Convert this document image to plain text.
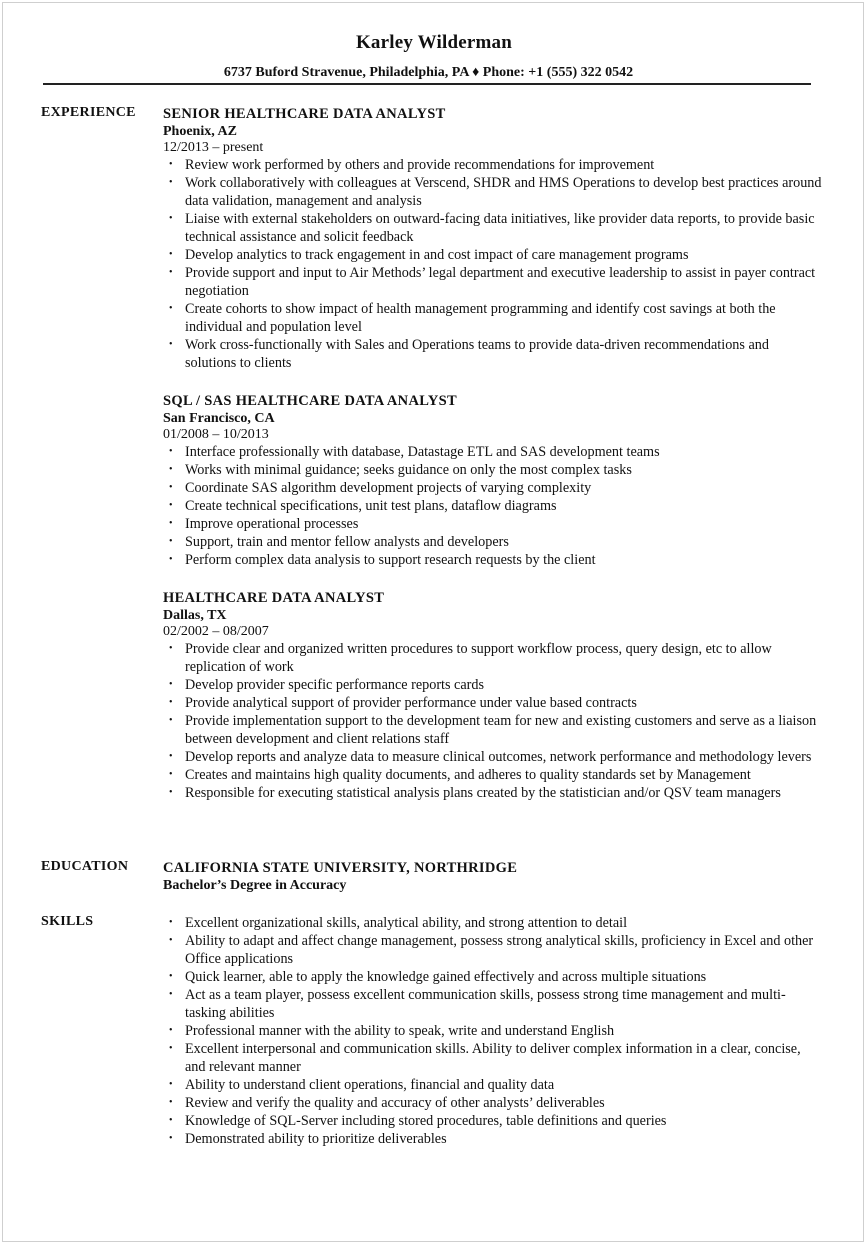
Karley Wilderman
6737 Buford Stravenue, Philadelphia, PA ♦ Phone: +1 (555) 322 0542
EXPERIENCE SENIOR HEALTHCARE DATA ANALYST
Phoenix, AZ
12/2013 – present
• Review work performed by others and provide recommendations for improvement
• Work collaboratively with colleagues at Verscend, SHDR and HMS Operations to develop best practices around data validation, management and analysis
• Liaise with external stakeholders on outward-facing data initiatives, like provider data reports, to provide basic technical assistance and solicit feedback
• Develop analytics to track engagement in and cost impact of care management programs
• Provide support and input to Air Methods’ legal department and executive leadership to assist in payer contract negotiation
• Create cohorts to show impact of health management programming and identify cost savings at both the individual and population level
• Work cross-functionally with Sales and Operations teams to provide data-driven recommendations and solutions to clients
SQL / SAS HEALTHCARE DATA ANALYST
San Francisco, CA
01/2008 – 10/2013
• Interface professionally with database, Datastage ETL and SAS development teams
• Works with minimal guidance; seeks guidance on only the most complex tasks
• Coordinate SAS algorithm development projects of varying complexity
• Create technical specifications, unit test plans, dataflow diagrams
• Improve operational processes
• Support, train and mentor fellow analysts and developers
• Perform complex data analysis to support research requests by the client
HEALTHCARE DATA ANALYST
Dallas, TX
02/2002 – 08/2007
• Provide clear and organized written procedures to support workflow process, query design, etc to allow replication of work
• Develop provider specific performance reports cards
• Provide analytical support of provider performance under value based contracts
• Provide implementation support to the development team for new and existing customers and serve as a liaison between development and client relations staff
• Develop reports and analyze data to measure clinical outcomes, network performance and methodology levers
• Creates and maintains high quality documents, and adheres to quality standards set by Management
• Responsible for executing statistical analysis plans created by the statistician and/or QSV team managers
EDUCATION CALIFORNIA STATE UNIVERSITY, NORTHRIDGE
Bachelor’s Degree in Accuracy
SKILLS	• Excellent organizational skills, analytical ability, and strong attention to detail
• Ability to adapt and affect change management, possess strong analytical skills, proficiency in Excel and other Office applications
• Quick learner, able to apply the knowledge gained effectively and across multiple situations
• Act as a team player, possess excellent communication skills, possess strong time management and multi-tasking abilities
• Professional manner with the ability to speak, write and understand English
• Excellent interpersonal and communication skills. Ability to deliver complex information in a clear, concise, and relevant manner
• Ability to understand client operations, financial and quality data
• Review and verify the quality and accuracy of other analysts’ deliverables
• Knowledge of SQL-Server including stored procedures, table definitions and queries
• Demonstrated ability to prioritize deliverables
